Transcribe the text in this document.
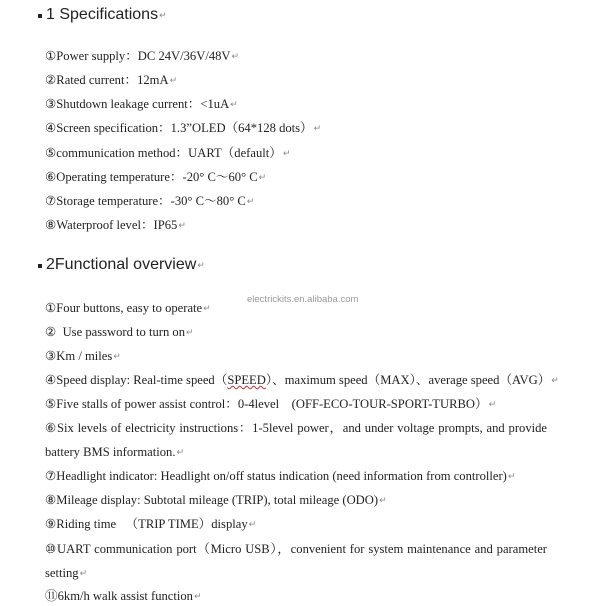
1 Specifications↵
①Power supply：DC 24V/36V/48V↵
②Rated current：12mA↵
③Shutdown leakage current：<1uA↵
④Screen specification：1.3”OLED（64*128 dots）↵
⑤communication method：UART（default）↵
⑥Operating temperature：-20° C～60° C↵
⑦Storage temperature：-30° C～80° C↵
⑧Waterproof level：IP65↵
2Functional overview↵
electrickits.en.alibaba.com
①Four buttons, easy to operate↵
②  Use password to turn on↵
③Km / miles↵
④Speed display: Real-time speed（SPEED）、maximum speed（MAX）、average speed（AVG）↵
⑤Five stalls of power assist control：0-4level    (OFF-ECO-TOUR-SPORT-TURBO）↵
⑥Six levels of electricity instructions：1-5level power，and under voltage prompts, and provide
battery BMS information.↵
⑦Headlight indicator: Headlight on/off status indication (need information from controller)↵
⑧Mileage display: Subtotal mileage (TRIP), total mileage (ODO)↵
⑨Riding time   （TRIP TIME）display↵
⑩UART communication port（Micro USB），convenient for system maintenance and parameter
setting↵
⑪6km/h walk assist function↵
